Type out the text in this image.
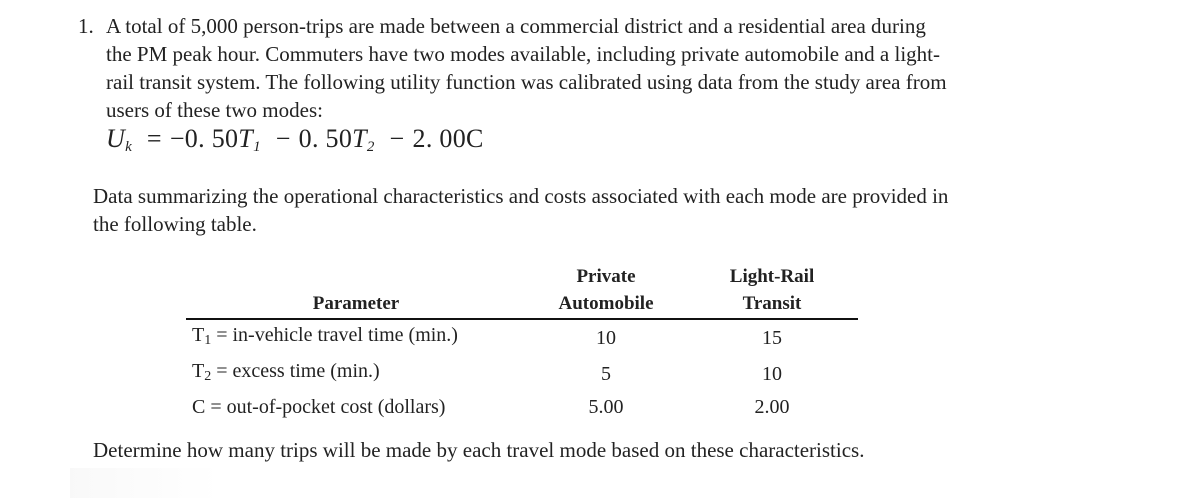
1. A total of 5,000 person-trips are made between a commercial district and a residential area during
the PM peak hour. Commuters have two modes available, including private automobile and a light-
rail transit system. The following utility function was calibrated using data from the study area from
users of these two modes:
$U_k = -0$. $50T_1 - 0$. $50T_2 - 2$. 00C
Data summarizing the operational characteristics and costs associated with each mode are provided in
the following table.
	Private	Light-Rail
Parameter	Automobile	Transit
$T_1$ = in-vehicle travel time (min.)	10	15
$T_2$ = excess time (min.)	5	10
C = out-of-pocket cost (dollars)	5.00	2.00
Determine how many trips will be made by each travel mode based on these characteristics.
